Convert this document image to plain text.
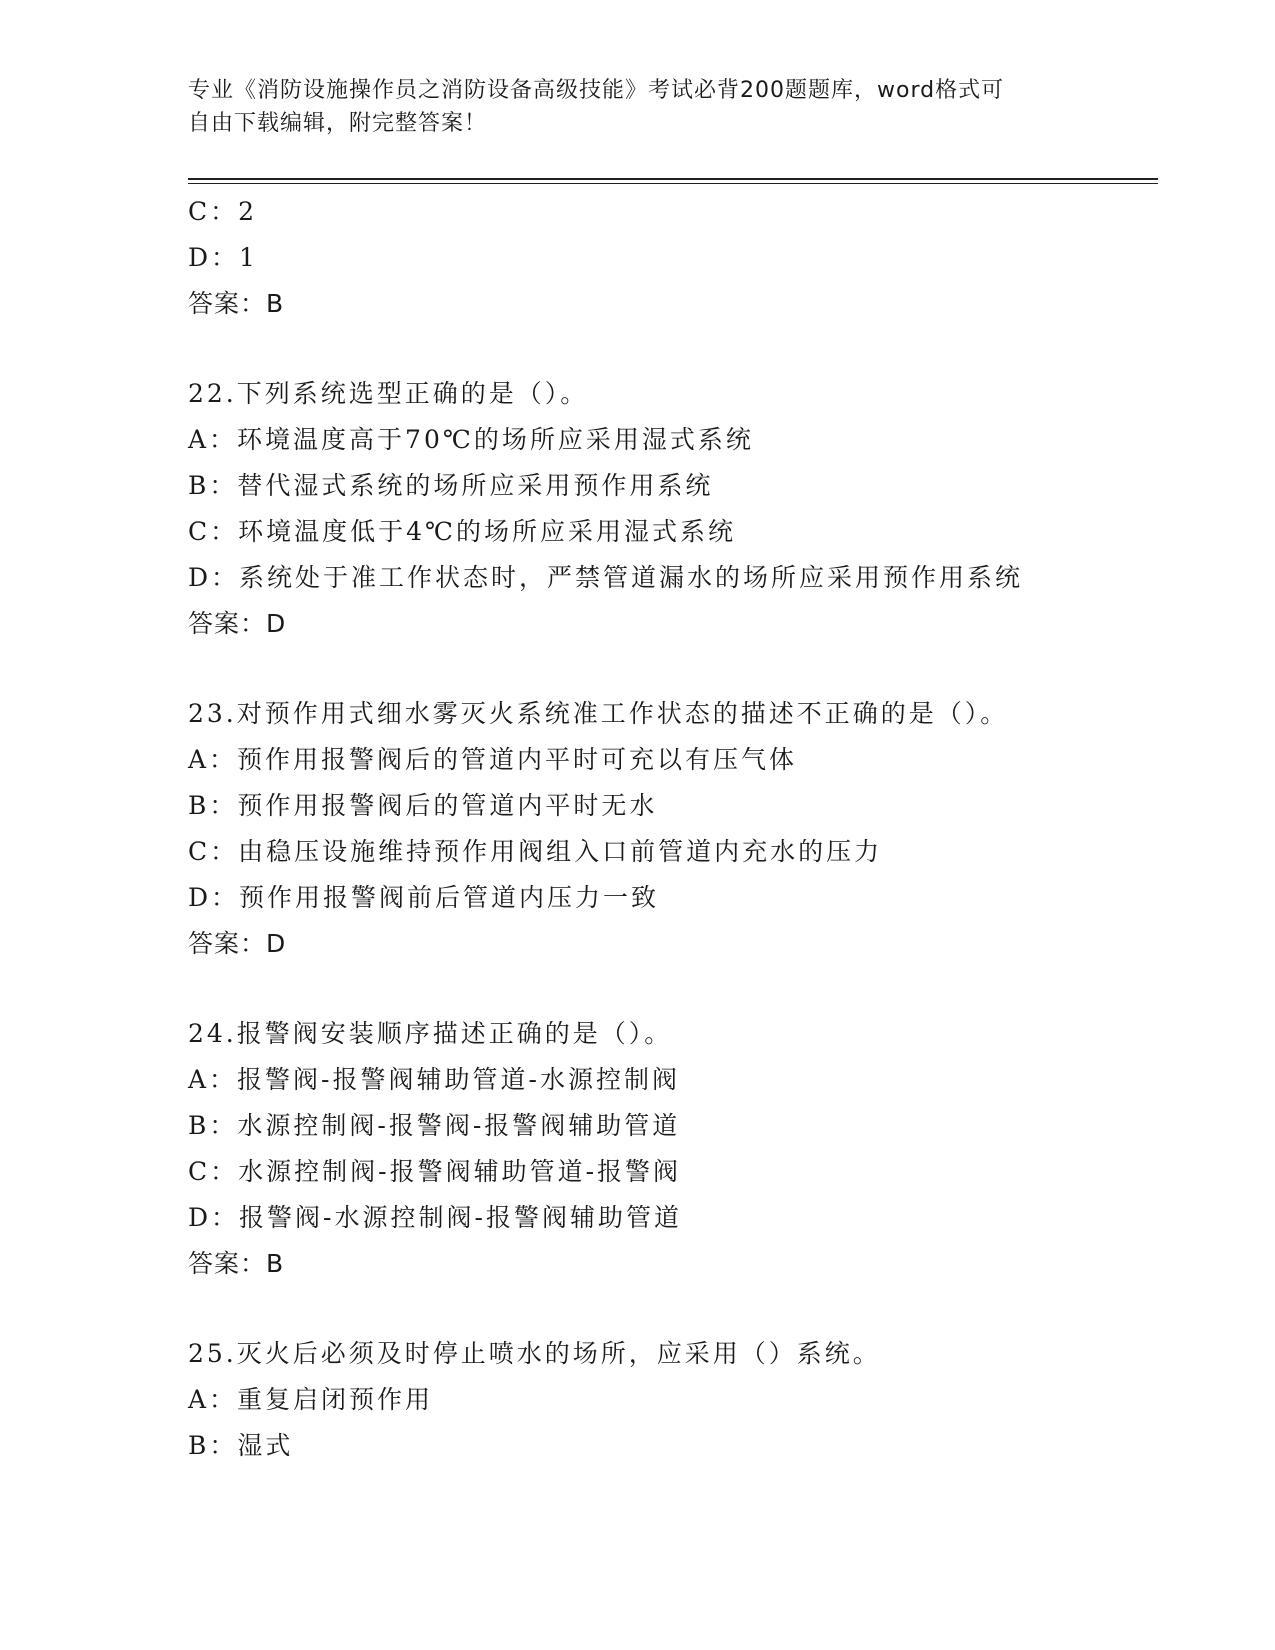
专业《消防设施操作员之消防设备高级技能》考试必背200题题库，word格式可
自由下载编辑，附完整答案！
C：2
D：1
答案：B
22.下列系统选型正确的是（）。
A：环境温度高于70℃的场所应采用湿式系统
B：替代湿式系统的场所应采用预作用系统
C：环境温度低于4℃的场所应采用湿式系统
D：系统处于准工作状态时，严禁管道漏水的场所应采用预作用系统
答案：D
23.对预作用式细水雾灭火系统准工作状态的描述不正确的是（）。
A：预作用报警阀后的管道内平时可充以有压气体
B：预作用报警阀后的管道内平时无水
C：由稳压设施维持预作用阀组入口前管道内充水的压力
D：预作用报警阀前后管道内压力一致
答案：D
24.报警阀安装顺序描述正确的是（）。
A：报警阀-报警阀辅助管道-水源控制阀
B：水源控制阀-报警阀-报警阀辅助管道
C：水源控制阀-报警阀辅助管道-报警阀
D：报警阀-水源控制阀-报警阀辅助管道
答案：B
25.灭火后必须及时停止喷水的场所，应采用（）系统。
A：重复启闭预作用
B：湿式
